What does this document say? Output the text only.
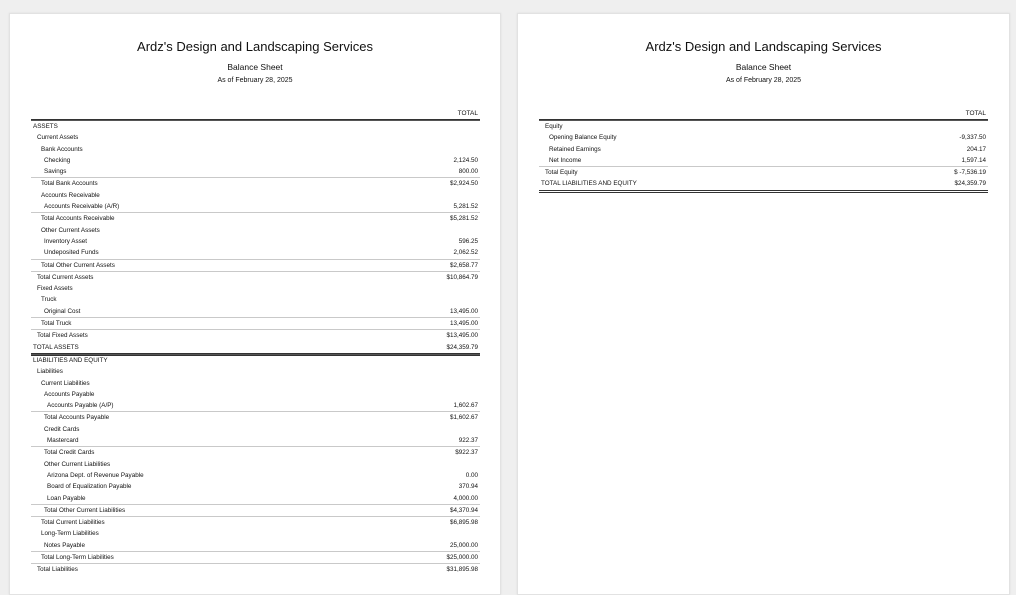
Ardz's Design and Landscaping Services
Balance Sheet
As of February 28, 2025
TOTAL
ASSETS
Current Assets
Bank Accounts
Checking	2,124.50
Savings	800.00
Total Bank Accounts	$2,924.50
Accounts Receivable
Accounts Receivable (A/R)	5,281.52
Total Accounts Receivable	$5,281.52
Other Current Assets
Inventory Asset	596.25
Undeposited Funds	2,062.52
Total Other Current Assets	$2,658.77
Total Current Assets	$10,864.79
Fixed Assets
Truck
Original Cost	13,495.00
Total Truck	13,495.00
Total Fixed Assets	$13,495.00
TOTAL ASSETS	$24,359.79
LIABILITIES AND EQUITY
Liabilities
Current Liabilities
Accounts Payable
Accounts Payable (A/P)	1,602.67
Total Accounts Payable	$1,602.67
Credit Cards
Mastercard	922.37
Total Credit Cards	$922.37
Other Current Liabilities
Arizona Dept. of Revenue Payable	0.00
Board of Equalization Payable	370.94
Loan Payable	4,000.00
Total Other Current Liabilities	$4,370.94
Total Current Liabilities	$6,895.98
Long-Term Liabilities
Notes Payable	25,000.00
Total Long-Term Liabilities	$25,000.00
Total Liabilities	$31,895.98
Ardz's Design and Landscaping Services
Balance Sheet
As of February 28, 2025
TOTAL
Equity
Opening Balance Equity	-9,337.50
Retained Earnings	204.17
Net Income	1,597.14
Total Equity	$ -7,536.19
TOTAL LIABILITIES AND EQUITY	$24,359.79
